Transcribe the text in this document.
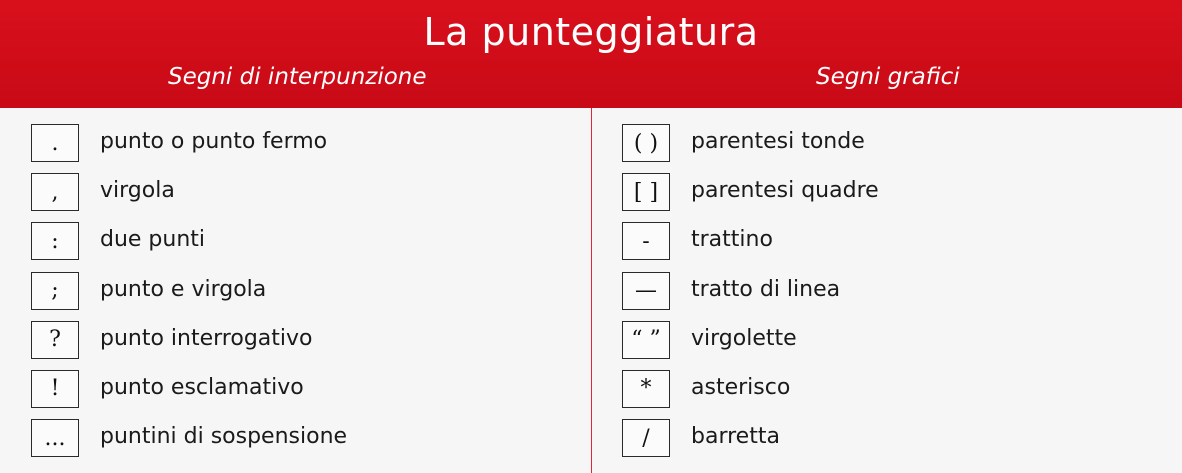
La punteggiatura
Segni di interpunzione	Segni grafici
.	punto o punto fermo
,	virgola
:	due punti
;	punto e virgola
?	punto interrogativo
!	punto esclamativo
...	puntini di sospensione
( )	parentesi tonde
[ ]	parentesi quadre
-	trattino
—	tratto di linea
“ ”	virgolette
*	asterisco
/	barretta
